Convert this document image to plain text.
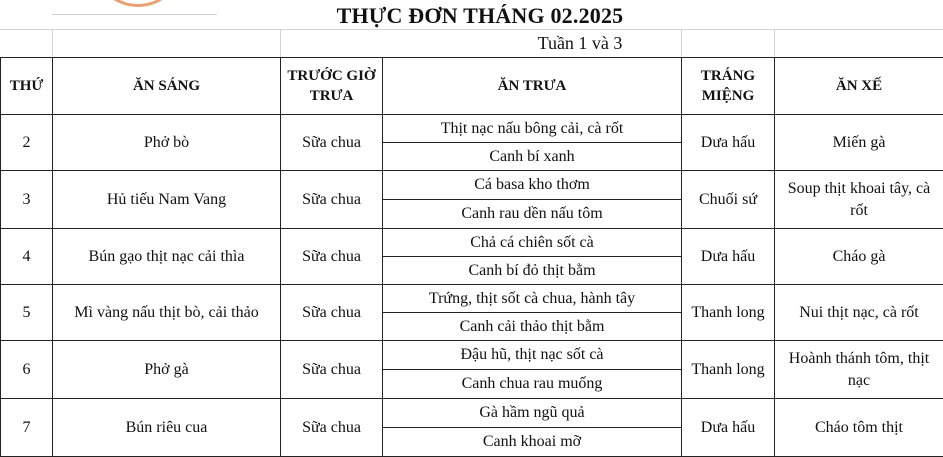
THỰC ĐƠN THÁNG 02.2025
Tuần 1 và 3
THỨ	ĂN SÁNG	TRƯỚC GIỜ TRƯA	ĂN TRƯA	TRÁNG MIỆNG	ĂN XẾ
2	Phở bò	Sữa chua	Thịt nạc nấu bông cải, cà rốt	Dưa hấu	Miến gà
			Canh bí xanh		
3	Hủ tiếu Nam Vang	Sữa chua	Cá basa kho thơm	Chuối sứ	Soup thịt khoai tây, cà rốt
			Canh rau dền nấu tôm		
4	Bún gạo thịt nạc cải thìa	Sữa chua	Chả cá chiên sốt cà	Dưa hấu	Cháo gà
			Canh bí đỏ thịt bằm		
5	Mì vàng nấu thịt bò, cải thảo	Sữa chua	Trứng, thịt sốt cà chua, hành tây	Thanh long	Nui thịt nạc, cà rốt
			Canh cải thảo thịt bằm		
6	Phở gà	Sữa chua	Đậu hũ, thịt nạc sốt cà	Thanh long	Hoành thánh tôm, thịt nạc
			Canh chua rau muống		
7	Bún riêu cua	Sữa chua	Gà hầm ngũ quả	Dưa hấu	Cháo tôm thịt
			Canh khoai mỡ		
